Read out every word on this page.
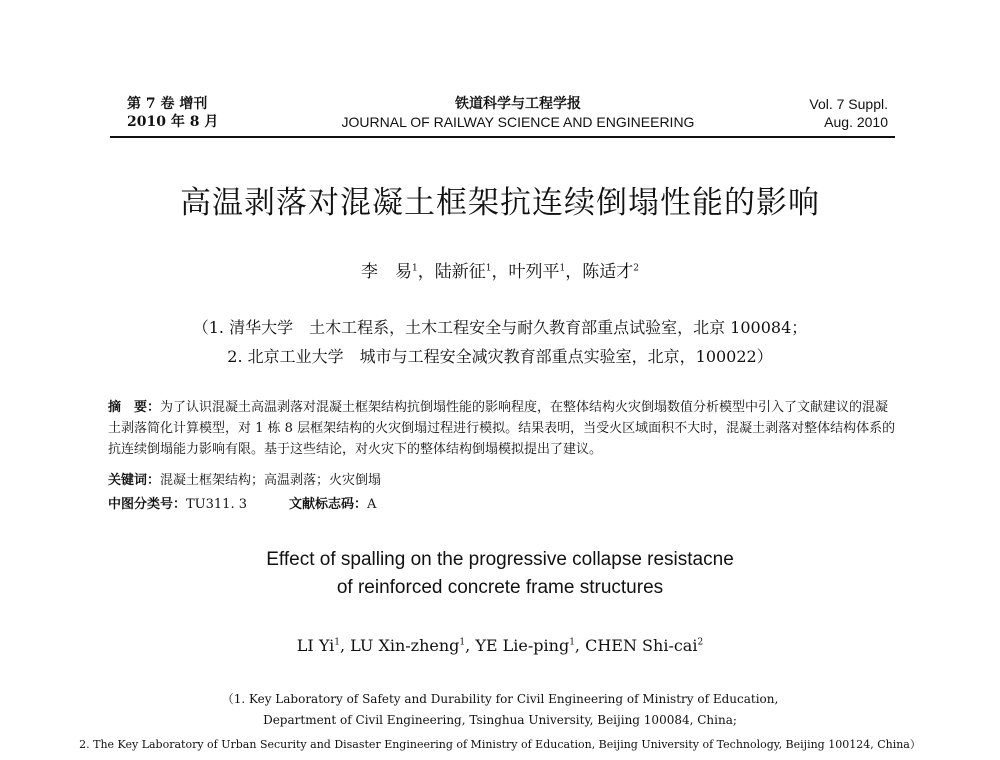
第 7 卷 增刊
2010 年 8 月
铁道科学与工程学报
JOURNAL OF RAILWAY SCIENCE AND ENGINEERING
Vol. 7 Suppl.
Aug. 2010
高温剥落对混凝土框架抗连续倒塌性能的影响
李　易$^1$，陆新征$^1$，叶列平$^1$，陈适才$^2$
（1. 清华大学　土木工程系，土木工程安全与耐久教育部重点试验室，北京 100084；
2. 北京工业大学　城市与工程安全减灾教育部重点实验室，北京，100022）
摘　要：为了认识混凝土高温剥落对混凝土框架结构抗倒塌性能的影响程度，在整体结构火灾倒塌数值分析模型中引入了文献建议的混凝土剥落简化计算模型，对 1 栋 8 层框架结构的火灾倒塌过程进行模拟。结果表明，当受火区域面积不大时，混凝土剥落对整体结构体系的抗连续倒塌能力影响有限。基于这些结论，对火灾下的整体结构倒塌模拟提出了建议。
关键词：混凝土框架结构；高温剥落；火灾倒塌
中图分类号：TU311. 3	文献标志码：A
Effect of spalling on the progressive collapse resistacne
of reinforced concrete frame structures
LI Yi$^1$, LU Xin-zheng$^1$, YE Lie-ping$^1$, CHEN Shi-cai$^2$
（1. Key Laboratory of Safety and Durability for Civil Engineering of Ministry of Education,
Department of Civil Engineering, Tsinghua University, Beijing 100084, China;
2. The Key Laboratory of Urban Security and Disaster Engineering of Ministry of Education, Beijing University of Technology, Beijing 100124, China）
